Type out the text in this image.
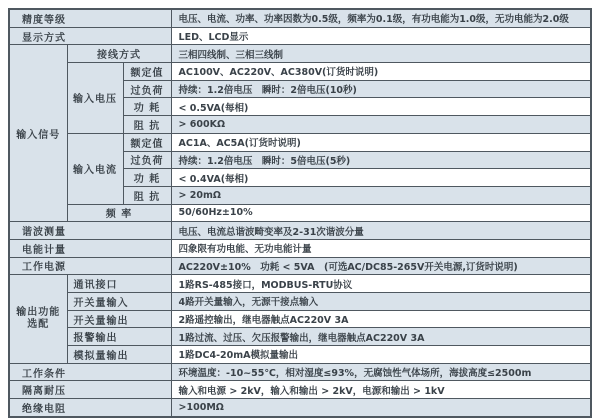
精度等级			电压、电流、功率、功率因数为0.5级，频率为0.1级，有功电能为1.0级，无功电能为2.0级
显示方式			LED、LCD显示
输入信号	接线方式		三相四线制、三相三线制
	输入电压	额定值	AC100V、AC220V、AC380V(订货时说明)
		过负荷	持续：1.2倍电压　瞬时：2倍电压(10秒)
		功 耗	< 0.5VA(每相)
		阻 抗	> 600KΩ
	输入电流	额定值	AC1A、AC5A(订货时说明)
		过负荷	持续：1.2倍电压　瞬时：5倍电压(5秒)
		功 耗	< 0.4VA(每相)
		阻 抗	> 20mΩ
	频 率		50/60Hz±10%
谐波测量			电压、电流总谐波畸变率及2-31次谐波分量
电能计量			四象限有功电能、无功电能计量
工作电源			AC220V±10%　功耗 < 5VA　(可选AC/DC85-265V开关电源,订货时说明)

输出功能
选配	通讯接口		1路RS-485接口，MODBUS-RTU协议
	开关量输入		4路开关量输入，无源干接点输入
	开关量输出		2路遥控输出，继电器触点AC220V 3A
	报警输出		1路过流、过压、欠压报警输出，继电器触点AC220V 3A
	模拟量输出		1路DC4-20mA模拟量输出
工作条件			环境温度：-10~55℃，相对湿度≤93%，无腐蚀性气体场所，海拔高度≤2500m
隔离耐压			输入和电源 > 2kV，输入和输出 > 2kV，电源和输出 > 1kV
绝缘电阻			>100MΩ
